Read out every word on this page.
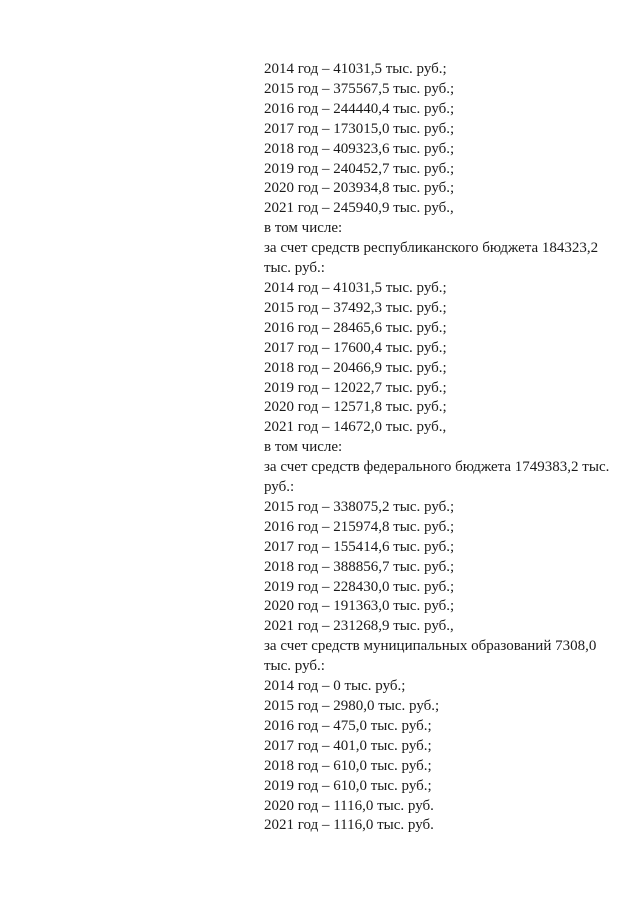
2014 год – 41031,5 тыс. руб.;
2015 год – 375567,5 тыс. руб.;
2016 год – 244440,4 тыс. руб.;
2017 год – 173015,0 тыс. руб.;
2018 год – 409323,6 тыс. руб.;
2019 год – 240452,7 тыс. руб.;
2020 год – 203934,8 тыс. руб.;
2021 год – 245940,9 тыс. руб.,
в том числе:
за счет средств республиканского бюджета 184323,2
тыс. руб.:
2014 год – 41031,5 тыс. руб.;
2015 год – 37492,3 тыс. руб.;
2016 год – 28465,6 тыс. руб.;
2017 год – 17600,4 тыс. руб.;
2018 год – 20466,9 тыс. руб.;
2019 год – 12022,7 тыс. руб.;
2020 год – 12571,8 тыс. руб.;
2021 год – 14672,0 тыс. руб.,
в том числе:
за счет средств федерального бюджета 1749383,2 тыс.
руб.:
2015 год – 338075,2 тыс. руб.;
2016 год – 215974,8 тыс. руб.;
2017 год – 155414,6 тыс. руб.;
2018 год – 388856,7 тыс. руб.;
2019 год – 228430,0 тыс. руб.;
2020 год – 191363,0 тыс. руб.;
2021 год – 231268,9 тыс. руб.,
за счет средств муниципальных образований 7308,0
тыс. руб.:
2014 год – 0 тыс. руб.;
2015 год – 2980,0 тыс. руб.;
2016 год – 475,0 тыс. руб.;
2017 год – 401,0 тыс. руб.;
2018 год – 610,0 тыс. руб.;
2019 год – 610,0 тыс. руб.;
2020 год – 1116,0 тыс. руб.
2021 год – 1116,0 тыс. руб.
